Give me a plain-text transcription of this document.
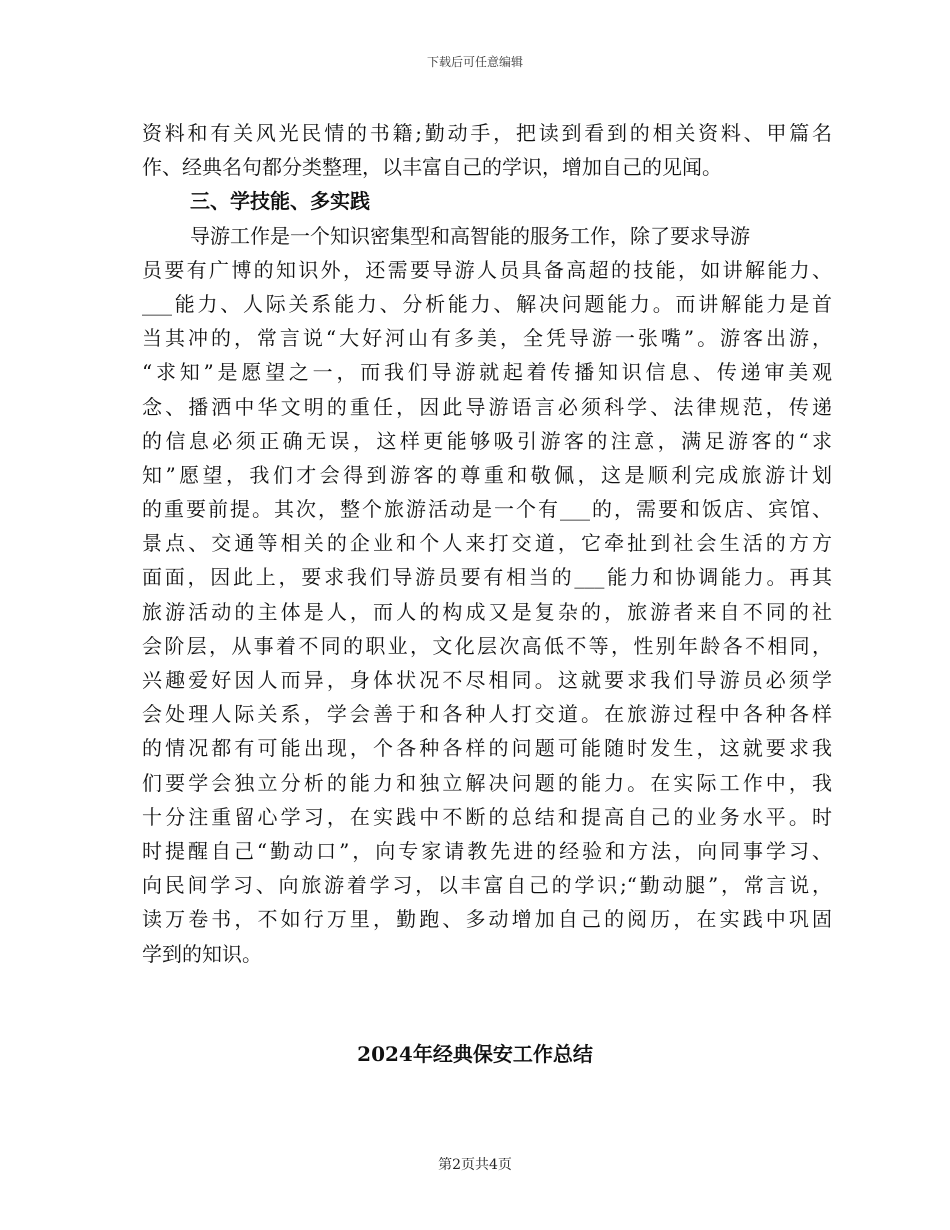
下载后可任意编辑
资料和有关风光民情的书籍;勤动手，把读到看到的相关资料、甲篇名
作、经典名句都分类整理，以丰富自己的学识，增加自己的见闻。
三、学技能、多实践
导游工作是一个知识密集型和高智能的服务工作，除了要求导游
员要有广博的知识外，还需要导游人员具备高超的技能，如讲解能力、
___能力、人际关系能力、分析能力、解决问题能力。而讲解能力是首
当其冲的，常言说“大好河山有多美，全凭导游一张嘴”。游客出游，
“求知”是愿望之一，而我们导游就起着传播知识信息、传递审美观
念、播洒中华文明的重任，因此导游语言必须科学、法律规范，传递
的信息必须正确无误，这样更能够吸引游客的注意，满足游客的“求
知”愿望，我们才会得到游客的尊重和敬佩，这是顺利完成旅游计划
的重要前提。其次，整个旅游活动是一个有___的，需要和饭店、宾馆、
景点、交通等相关的企业和个人来打交道，它牵扯到社会生活的方方
面面，因此上，要求我们导游员要有相当的___能力和协调能力。再其
旅游活动的主体是人，而人的构成又是复杂的，旅游者来自不同的社
会阶层，从事着不同的职业，文化层次高低不等，性别年龄各不相同，
兴趣爱好因人而异，身体状况不尽相同。这就要求我们导游员必须学
会处理人际关系，学会善于和各种人打交道。在旅游过程中各种各样
的情况都有可能出现，个各种各样的问题可能随时发生，这就要求我
们要学会独立分析的能力和独立解决问题的能力。在实际工作中，我
十分注重留心学习，在实践中不断的总结和提高自己的业务水平。时
时提醒自己“勤动口”，向专家请教先进的经验和方法，向同事学习、
向民间学习、向旅游着学习，以丰富自己的学识;“勤动腿”，常言说，
读万卷书，不如行万里，勤跑、多动增加自己的阅历，在实践中巩固
学到的知识。
2024年经典保安工作总结
第2页共4页
